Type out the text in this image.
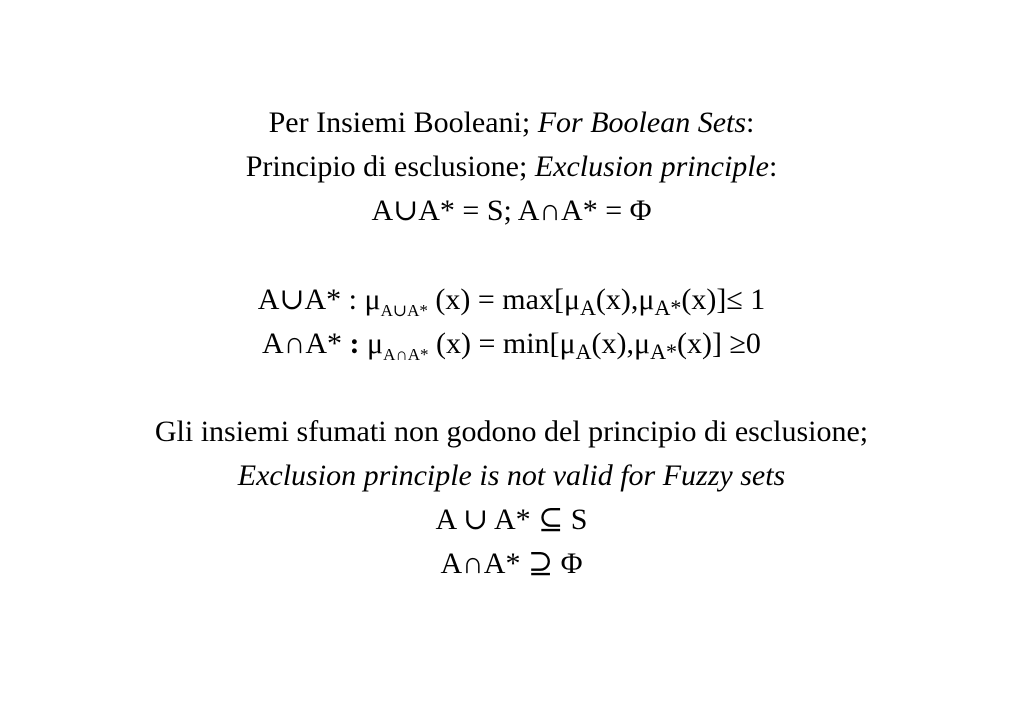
Per Insiemi Booleani; For Boolean Sets:
Principio di esclusione; Exclusion principle:
A∪A* = S; A∩A* = Φ
A∪A* : $\mu_{A\cup A*}$ $(x) = \max[\mu_A(x),\mu_{A*}(x)]\le 1$
A∩A* : $\mu_{A\cap A*}$ $(x) = \min[\mu_A(x),\mu_{A*}(x)] \ge 0$
Gli insiemi sfumati non godono del principio di esclusione;
Exclusion principle is not valid for Fuzzy sets
A ∪ A* ⊆ S
A∩A* ⊇ Φ
